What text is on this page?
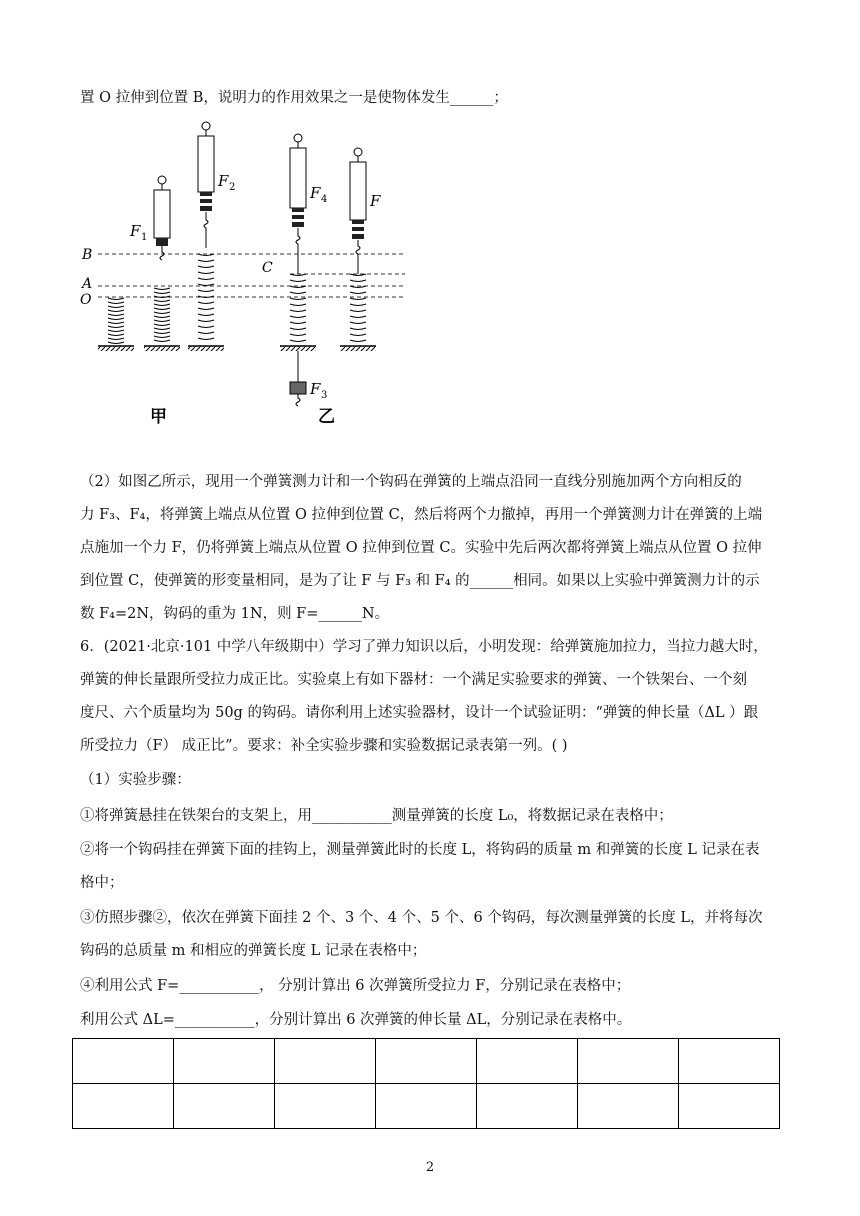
置 O 拉伸到位置 B，说明力的作用效果之一是使物体发生______；
B
A
O
C
F 1
F 2	F 4
F 3
F
甲	乙
（2）如图乙所示，现用一个弹簧测力计和一个钩码在弹簧的上端点沿同一直线分别施加两个方向相反的
力 F₃、F₄，将弹簧上端点从位置 O 拉伸到位置 C，然后将两个力撤掉，再用一个弹簧测力计在弹簧的上端
点施加一个力 F，仍将弹簧上端点从位置 O 拉伸到位置 C。实验中先后两次都将弹簧上端点从位置 O 拉伸
到位置 C，使弹簧的形变量相同，是为了让 F 与 F₃ 和 F₄ 的______相同。如果以上实验中弹簧测力计的示
数 F₄=2N，钩码的重为 1N，则 F=______N。
6．(2021·北京·101 中学八年级期中）学习了弹力知识以后，小明发现：给弹簧施加拉力，当拉力越大时，
弹簧的伸长量跟所受拉力成正比。实验桌上有如下器材：一个满足实验要求的弹簧、一个铁架台、一个刻
度尺、六个质量均为 50g 的钩码。请你利用上述实验器材，设计一个试验证明：“弹簧的伸长量（ΔL ）跟
所受拉力（F） 成正比”。要求：补全实验步骤和实验数据记录表第一列。( )
（1）实验步骤：
①将弹簧悬挂在铁架台的支架上，用___________测量弹簧的长度 L₀，将数据记录在表格中；
②将一个钩码挂在弹簧下面的挂钩上，测量弹簧此时的长度 L，将钩码的质量 m 和弹簧的长度 L 记录在表
格中；
③仿照步骤②，依次在弹簧下面挂 2 个、3 个、4 个、5 个、6 个钩码，每次测量弹簧的长度 L，并将每次
钩码的总质量 m 和相应的弹簧长度 L 记录在表格中；
④利用公式 F=___________， 分别计算出 6 次弹簧所受拉力 F，分别记录在表格中；
利用公式 ΔL=___________，分别计算出 6 次弹簧的伸长量 ΔL，分别记录在表格中。

2
